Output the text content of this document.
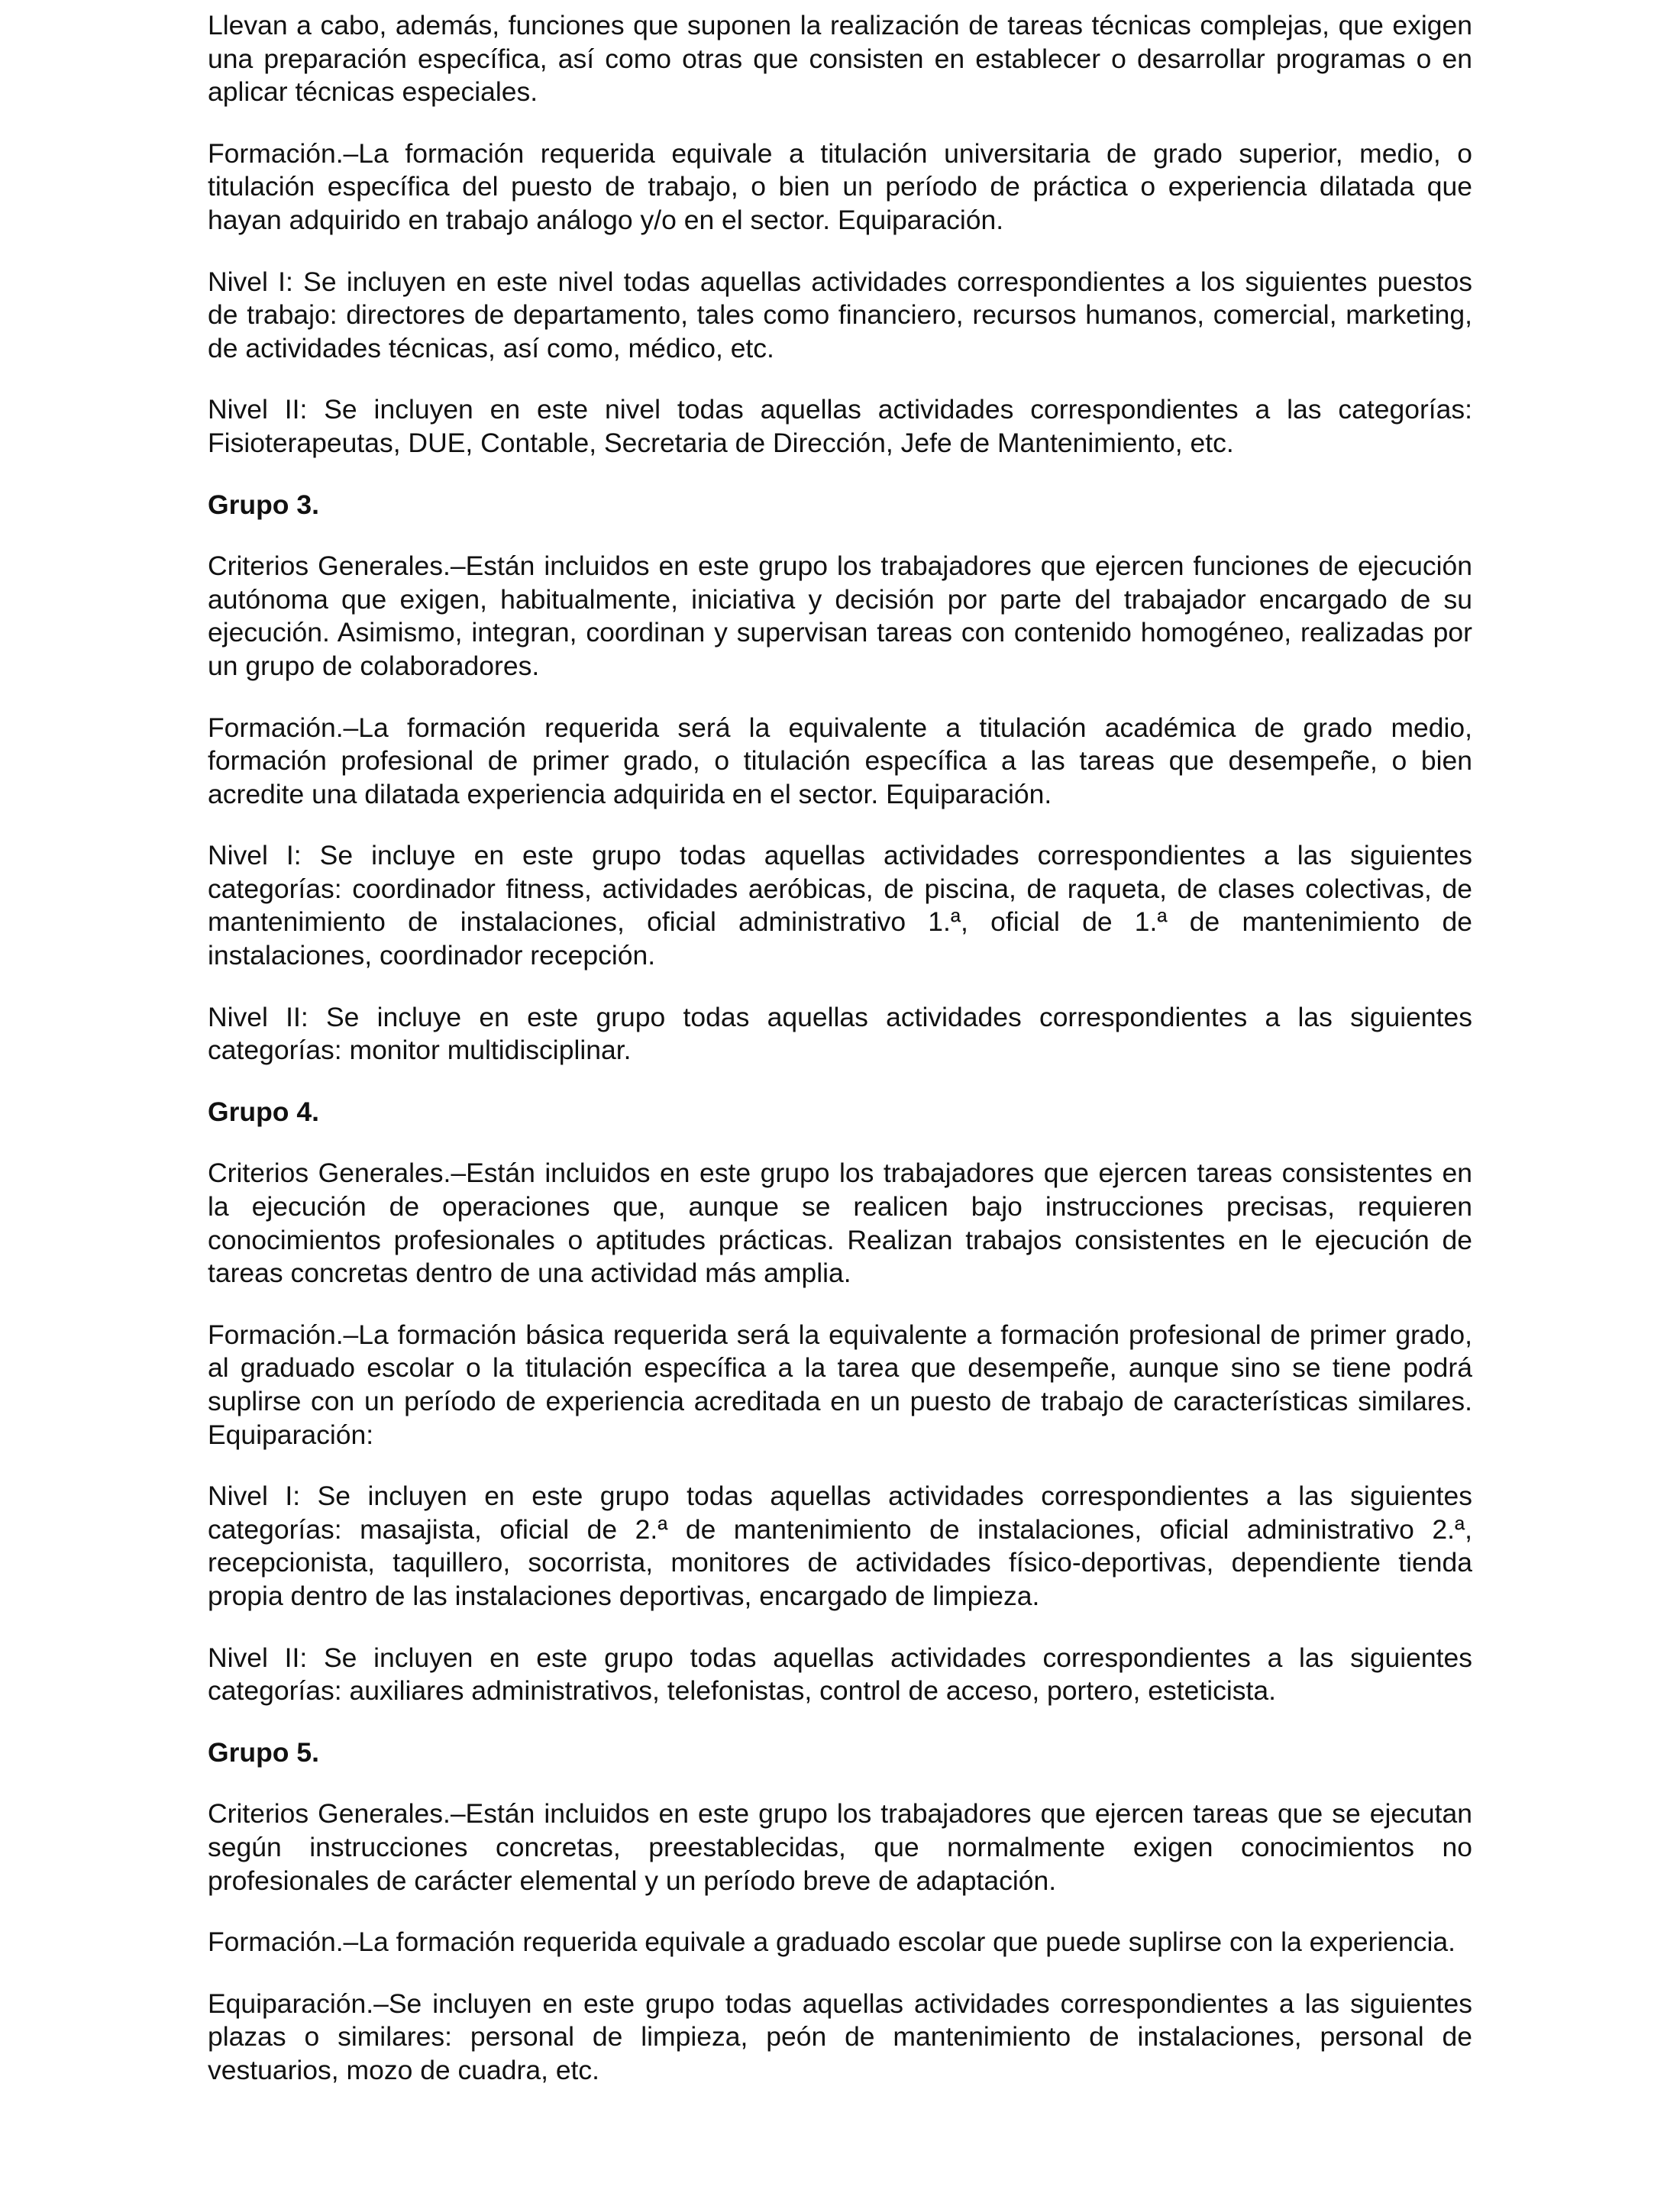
Llevan a cabo, además, funciones que suponen la realización de tareas técnicas complejas, que exigen una preparación específica, así como otras que consisten en establecer o desarrollar programas o en aplicar técnicas especiales.

Formación.–La formación requerida equivale a titulación universitaria de grado superior, medio, o titulación específica del puesto de trabajo, o bien un período de práctica o experiencia dilatada que hayan adquirido en trabajo análogo y/o en el sector. Equiparación.

Nivel I: Se incluyen en este nivel todas aquellas actividades correspondientes a los siguientes puestos de trabajo: directores de departamento, tales como financiero, recursos humanos, comercial, marketing, de actividades técnicas, así como, médico, etc.

Nivel II: Se incluyen en este nivel todas aquellas actividades correspondientes a las categorías: Fisioterapeutas, DUE, Contable, Secretaria de Dirección, Jefe de Mantenimiento, etc.

Grupo 3.

Criterios Generales.–Están incluidos en este grupo los trabajadores que ejercen funciones de ejecución autónoma que exigen, habitualmente, iniciativa y decisión por parte del trabajador encargado de su ejecución. Asimismo, integran, coordinan y supervisan tareas con contenido homogéneo, realizadas por un grupo de colaboradores.

Formación.–La formación requerida será la equivalente a titulación académica de grado medio, formación profesional de primer grado, o titulación específica a las tareas que desempeñe, o bien acredite una dilatada experiencia adquirida en el sector. Equiparación.

Nivel I: Se incluye en este grupo todas aquellas actividades correspondientes a las siguientes categorías: coordinador fitness, actividades aeróbicas, de piscina, de raqueta, de clases colectivas, de mantenimiento de instalaciones, oficial administrativo 1.ª, oficial de 1.ª de mantenimiento de instalaciones, coordinador recepción.

Nivel II: Se incluye en este grupo todas aquellas actividades correspondientes a las siguientes categorías: monitor multidisciplinar.

Grupo 4.

Criterios Generales.–Están incluidos en este grupo los trabajadores que ejercen tareas consistentes en la ejecución de operaciones que, aunque se realicen bajo instrucciones precisas, requieren conocimientos profesionales o aptitudes prácticas. Realizan trabajos consistentes en le ejecución de tareas concretas dentro de una actividad más amplia.

Formación.–La formación básica requerida será la equivalente a formación profesional de primer grado, al graduado escolar o la titulación específica a la tarea que desempeñe, aunque sino se tiene podrá suplirse con un período de experiencia acreditada en un puesto de trabajo de características similares. Equiparación:

Nivel I: Se incluyen en este grupo todas aquellas actividades correspondientes a las siguientes categorías: masajista, oficial de 2.ª de mantenimiento de instalaciones, oficial administrativo 2.ª, recepcionista, taquillero, socorrista, monitores de actividades físico-deportivas, dependiente tienda propia dentro de las instalaciones deportivas, encargado de limpieza.

Nivel II: Se incluyen en este grupo todas aquellas actividades correspondientes a las siguientes categorías: auxiliares administrativos, telefonistas, control de acceso, portero, esteticista.

Grupo 5.

Criterios Generales.–Están incluidos en este grupo los trabajadores que ejercen tareas que se ejecutan según instrucciones concretas, preestablecidas, que normalmente exigen conocimientos no profesionales de carácter elemental y un período breve de adaptación.

Formación.–La formación requerida equivale a graduado escolar que puede suplirse con la experiencia.

Equiparación.–Se incluyen en este grupo todas aquellas actividades correspondientes a las siguientes plazas o similares: personal de limpieza, peón de mantenimiento de instalaciones, personal de vestuarios, mozo de cuadra, etc.
